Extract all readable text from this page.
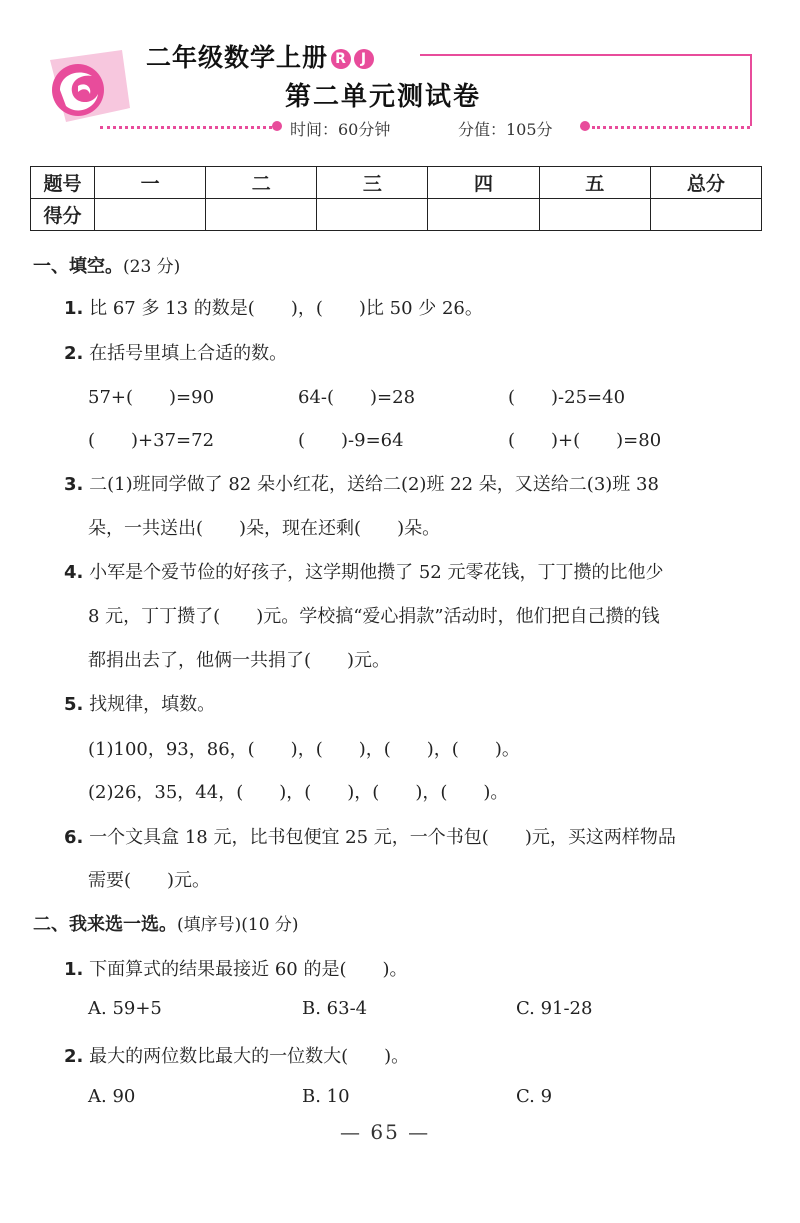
二年级数学上册 R J
第二单元测试卷
时间：60分钟	分值：105分
题号	一	二	三	四	五	总分
得分						
一、填空。(23 分)
1. 比 67 多 13 的数是(　　)，(　　)比 50 少 26。
2. 在括号里填上合适的数。
57+(　　)=90	64-(　　)=28	(　　)-25=40
(　　)+37=72	(　　)-9=64	(　　)+(　　)=80
3. 二(1)班同学做了 82 朵小红花，送给二(2)班 22 朵，又送给二(3)班 38
朵，一共送出(　　)朵，现在还剩(　　)朵。
4. 小军是个爱节俭的好孩子，这学期他攒了 52 元零花钱，丁丁攒的比他少
8 元，丁丁攒了(　　)元。学校搞“爱心捐款”活动时，他们把自己攒的钱
都捐出去了，他俩一共捐了(　　)元。
5. 找规律，填数。
(1)100，93，86，(　　)，(　　)，(　　)，(　　)。
(2)26，35，44，(　　)，(　　)，(　　)，(　　)。
6. 一个文具盒 18 元，比书包便宜 25 元，一个书包(　　)元，买这两样物品
需要(　　)元。
二、我来选一选。(填序号)(10 分)
1. 下面算式的结果最接近 60 的是(　　)。
A. 59+5	B. 63-4	C. 91-28
2. 最大的两位数比最大的一位数大(　　)。
A. 90	B. 10	C. 9
— 65 —
